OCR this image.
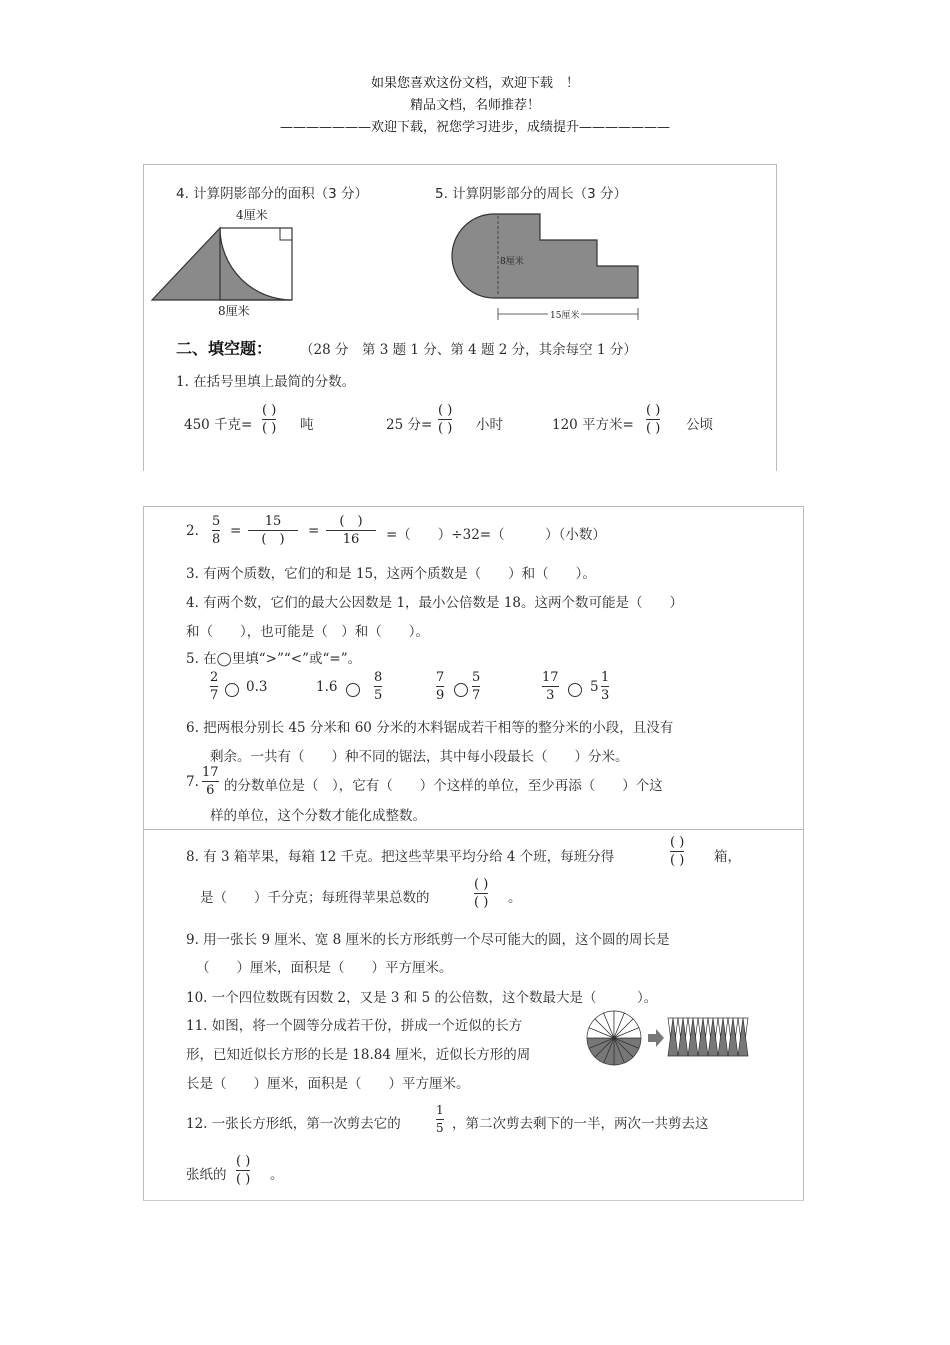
如果您喜欢这份文档，欢迎下载　！
精品文档，名师推荐！
———————欢迎下载，祝您学习进步，成绩提升———————
4. 计算阴影部分的面积（3 分）	5. 计算阴影部分的周长（3 分）
4厘米
8厘米
8厘米
15厘米
二、填空题： （28 分　第 3 题 1 分、第 4 题 2 分，其余每空 1 分）
1. 在括号里填上最简的分数。
450 千克=
( )
( ) 吨	25 分=
( )
( ) 小时	120 平方米=
( )
( ) 公顷
2.
5
8
=
15
(　)
=
(　)
16 =（　　）÷32=（　　　）（小数）
3. 有两个质数，它们的和是 15，这两个质数是（　　）和（　　）。
4. 有两个数，它们的最大公因数是 1，最小公倍数是 18。这两个数可能是（　　）
和（　　），也可能是（　）和（　　）。
5. 在◯里填“>”“<”或“=”。
2
7
0.3	1.6
8
5
7
9
5
7
17
3
5
1
3
6. 把两根分别长 45 分米和 60 分米的木料锯成若干相等的整分米的小段，且没有
剩余。一共有（　　）种不同的锯法，其中每小段最长（　　）分米。
7.
17
6 的分数单位是（　），它有（　　）个这样的单位，至少再添（　　）个这
样的单位，这个分数才能化成整数。
8. 有 3 箱苹果，每箱 12 千克。把这些苹果平均分给 4 个班，每班分得
( )
( ) 箱，
是（　　）千分克；每班得苹果总数的
( )
( ) 。
9. 用一张长 9 厘米、宽 8 厘米的长方形纸剪一个尽可能大的圆，这个圆的周长是
（　　）厘米，面积是（　　）平方厘米。
10. 一个四位数既有因数 2，又是 3 和 5 的公倍数，这个数最大是（　　　）。
11. 如图，将一个圆等分成若干份，拼成一个近似的长方
形，已知近似长方形的长是 18.84 厘米，近似长方形的周
长是（　　）厘米，面积是（　　）平方厘米。
12. 一张长方形纸，第一次剪去它的
1
5 ，第二次剪去剩下的一半，两次一共剪去这
张纸的
( )
( ) 。
